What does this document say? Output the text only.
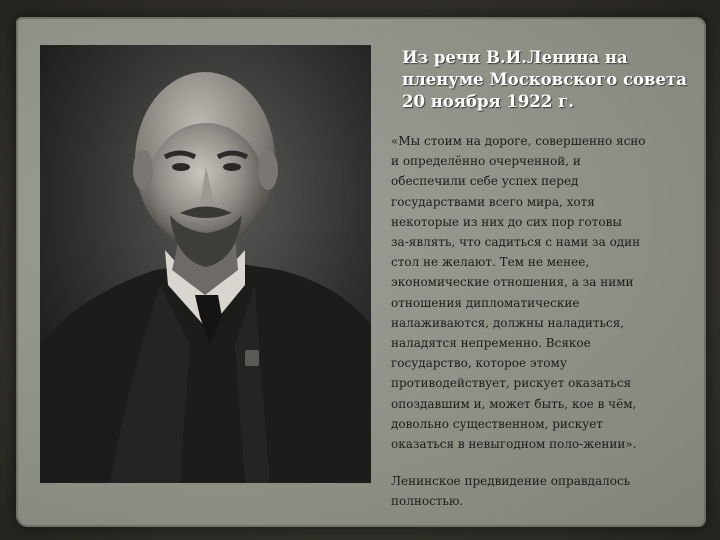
Из речи В.И.Ленина на
пленуме Московского совета
20 ноября 1922 г.
«Мы стоим на дороге, совершенно ясно
и определённо очерченной, и
обеспечили себе успех перед
государствами всего мира, хотя
некоторые из них до сих пор готовы
за-являть, что садиться с нами за один
стол не желают. Тем не менее,
экономические отношения, а за ними
отношения дипломатические
налаживаются, должны наладиться,
наладятся непременно. Всякое
государство, которое этому
противодействует, рискует оказаться
опоздавшим и, может быть, кое в чём,
довольно существенном, рискует
оказаться в невыгодном поло-жении».
Ленинское предвидение оправдалось
полностью.
